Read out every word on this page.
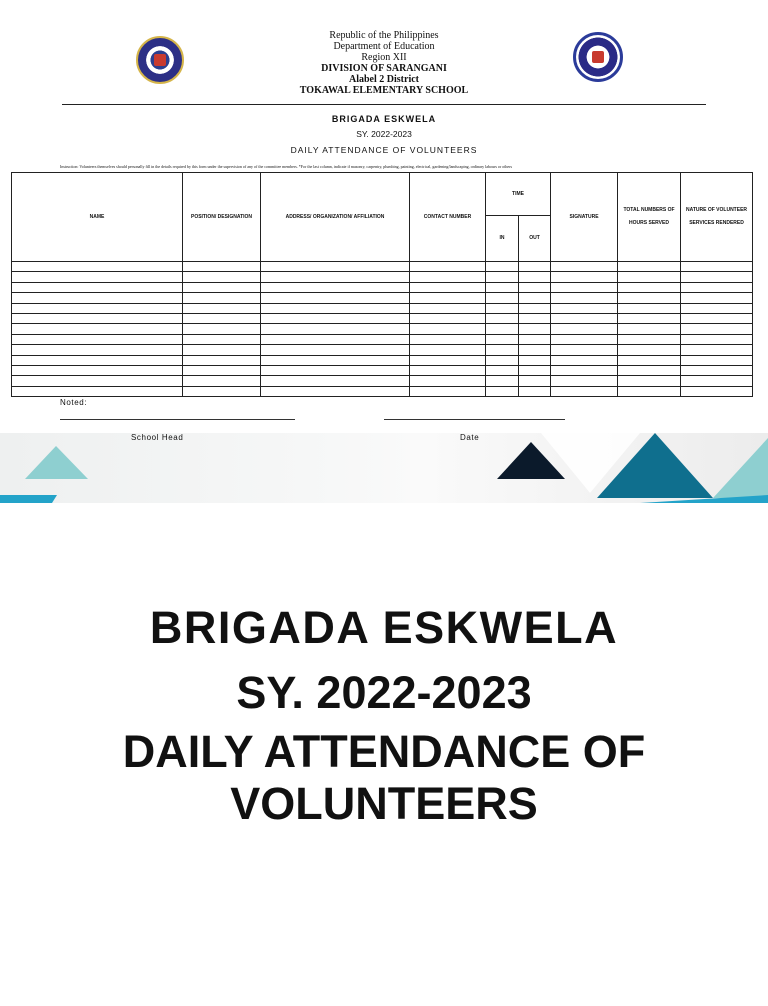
Republic of the Philippines
Department of Education
Region XII
DIVISION OF SARANGANI
Alabel 2 District
TOKAWAL ELEMENTARY SCHOOL
BRIGADA ESKWELA
SY. 2022-2023
DAILY ATTENDANCE OF VOLUNTEERS
Instruction: Volunteers themselves should personally fill in the details required by this form under the supervision of any of the committee members. *For the last column, indicate if masonry, carpentry, plumbing, painting, electrical, gardening/landscaping, ordinary labours or others
NAME	POSITION/ DESIGNATION	ADDRESS/ ORGANIZATION/ AFFILIATION	CONTACT NUMBER	TIME		SIGNATURE	TOTAL NUMBERS OF HOURS SERVED	NATURE OF VOLUNTEER SERVICES RENDERED
				IN	OUT			

Noted:
School Head	Date
BRIGADA ESKWELA
SY. 2022-2023
DAILY ATTENDANCE OF
VOLUNTEERS
